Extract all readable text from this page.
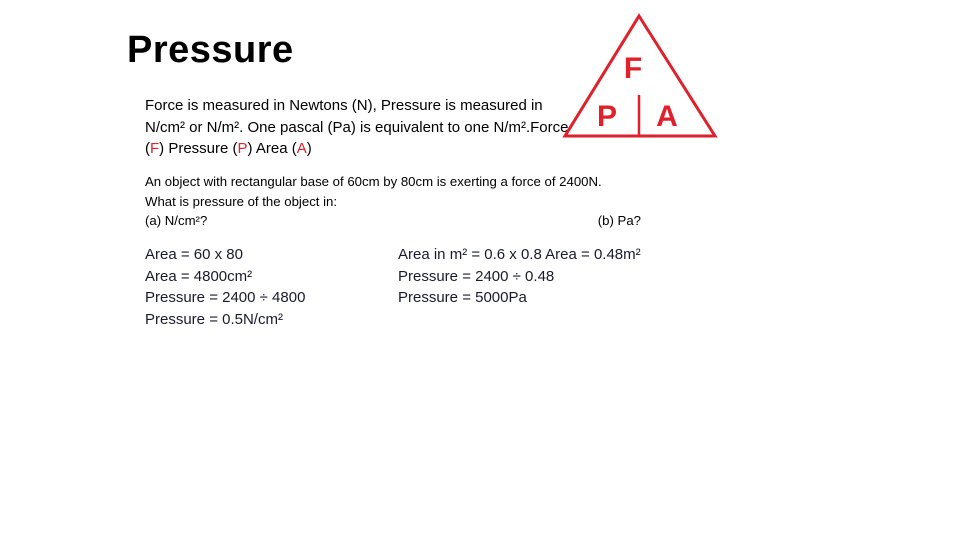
Pressure
Force is measured in Newtons (N), Pressure is measured in N/cm² or N/m². One pascal (Pa) is equivalent to one N/m².Force (F) Pressure (P) Area (A)
F
P A
An object with rectangular base of 60cm by 80cm is exerting a force of 2400N.
What is pressure of the object in:
(a) N/cm²?	(b) Pa?
Area = 60 x 80
Area = 4800cm²
Pressure = 2400 ÷ 4800
Pressure = 0.5N/cm²
Area in m² = 0.6 x 0.8 Area = 0.48m²
Pressure = 2400 ÷ 0.48
Pressure = 5000Pa
